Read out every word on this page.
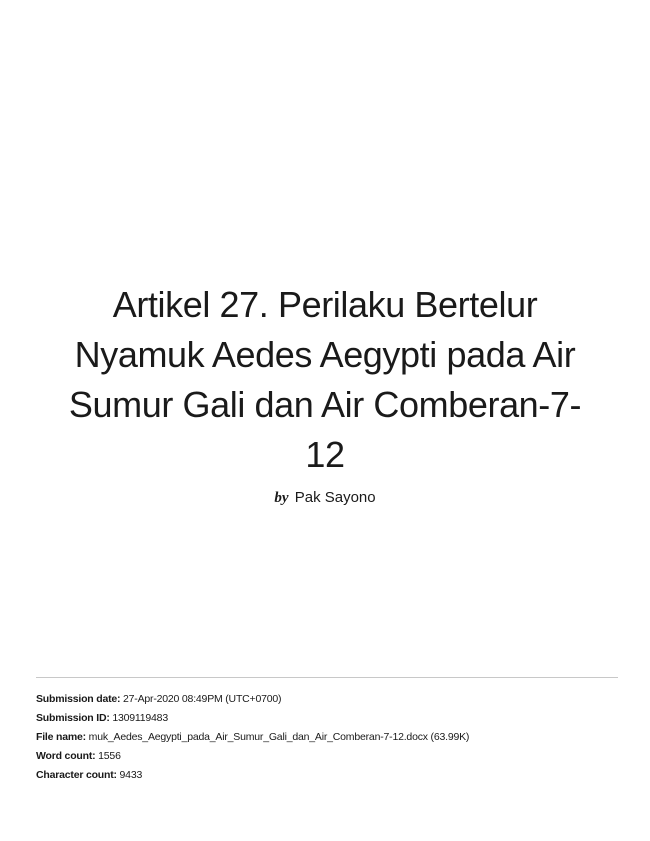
Artikel 27. Perilaku Bertelur
Nyamuk Aedes Aegypti pada Air
Sumur Gali dan Air Comberan-7-
12
by Pak Sayono
Submission date: 27-Apr-2020 08:49PM (UTC+0700)
Submission ID: 1309119483
File name: muk_Aedes_Aegypti_pada_Air_Sumur_Gali_dan_Air_Comberan-7-12.docx (63.99K)
Word count: 1556
Character count: 9433
